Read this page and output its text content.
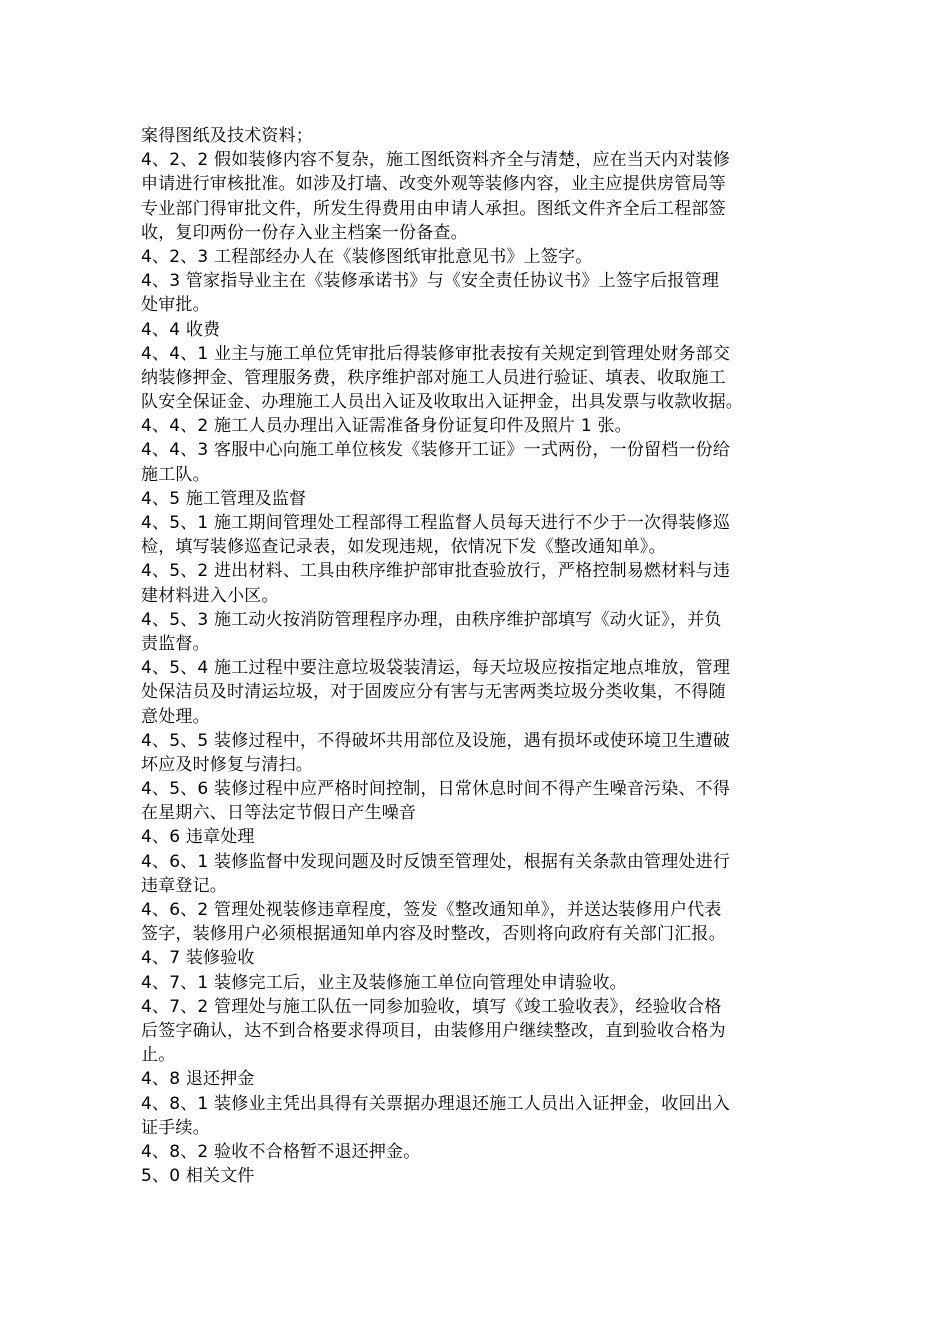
案得图纸及技术资料；
4、2、2 假如装修内容不复杂，施工图纸资料齐全与清楚，应在当天内对装修
申请进行审核批准。如涉及打墙、改变外观等装修内容，业主应提供房管局等
专业部门得审批文件，所发生得费用由申请人承担。图纸文件齐全后工程部签
收，复印两份一份存入业主档案一份备查。
4、2、3 工程部经办人在《装修图纸审批意见书》上签字。
4、3 管家指导业主在《装修承诺书》与《安全责任协议书》上签字后报管理
处审批。
4、4 收费
4、4、1 业主与施工单位凭审批后得装修审批表按有关规定到管理处财务部交
纳装修押金、管理服务费，秩序维护部对施工人员进行验证、填表、收取施工
队安全保证金、办理施工人员出入证及收取出入证押金，出具发票与收款收据。
4、4、2 施工人员办理出入证需准备身份证复印件及照片 1 张。
4、4、3 客服中心向施工单位核发《装修开工证》一式两份，一份留档一份给
施工队。
4、5 施工管理及监督
4、5、1 施工期间管理处工程部得工程监督人员每天进行不少于一次得装修巡
检，填写装修巡查记录表，如发现违规，依情况下发《整改通知单》。
4、5、2 进出材料、工具由秩序维护部审批查验放行，严格控制易燃材料与违
建材料进入小区。
4、5、3 施工动火按消防管理程序办理，由秩序维护部填写《动火证》，并负
责监督。
4、5、4 施工过程中要注意垃圾袋装清运，每天垃圾应按指定地点堆放，管理
处保洁员及时清运垃圾，对于固废应分有害与无害两类垃圾分类收集，不得随
意处理。
4、5、5 装修过程中，不得破坏共用部位及设施，遇有损坏或使环境卫生遭破
坏应及时修复与清扫。
4、5、6 装修过程中应严格时间控制，日常休息时间不得产生噪音污染、不得
在星期六、日等法定节假日产生噪音
4、6 违章处理
4、6、1 装修监督中发现问题及时反馈至管理处，根据有关条款由管理处进行
违章登记。
4、6、2 管理处视装修违章程度，签发《整改通知单》，并送达装修用户代表
签字，装修用户必须根据通知单内容及时整改，否则将向政府有关部门汇报。
4、7 装修验收
4、7、1 装修完工后，业主及装修施工单位向管理处申请验收。
4、7、2 管理处与施工队伍一同参加验收，填写《竣工验收表》，经验收合格
后签字确认，达不到合格要求得项目，由装修用户继续整改，直到验收合格为
止。
4、8 退还押金
4、8、1 装修业主凭出具得有关票据办理退还施工人员出入证押金，收回出入
证手续。
4、8、2 验收不合格暂不退还押金。
5、0 相关文件
